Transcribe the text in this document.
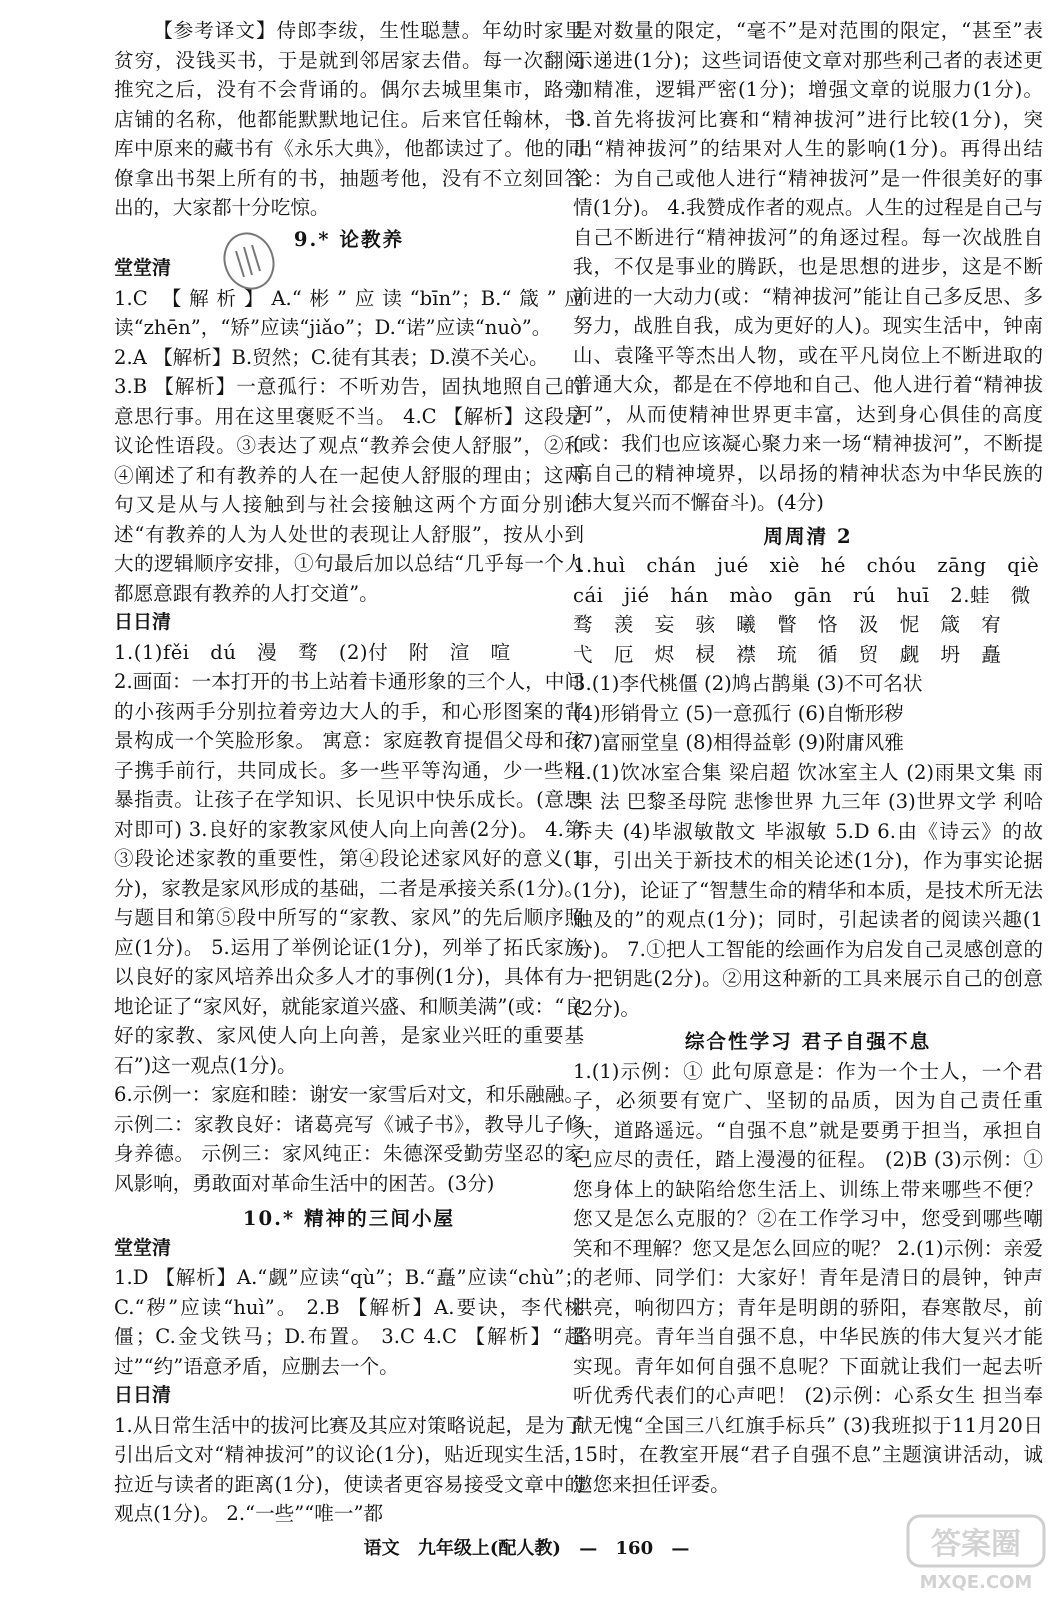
【参考译文】侍郎李绂，生性聪慧。年幼时家里贫穷，没钱买书，于是就到邻居家去借。每一次翻阅推究之后，没有不会背诵的。偶尔去城里集市，路旁店铺的名称，他都能默默地记住。后来官任翰林，书库中原来的藏书有《永乐大典》，他都读过了。他的同僚拿出书架上所有的书，抽题考他，没有不立刻回答出的，大家都十分吃惊。

9.* 论教养

堂堂清

1.C 【解析】A.“彬”应读“bīn”；B.“箴”应读“zhēn”，“矫”应读“jiǎo”；D.“诺”应读“nuò”。

2.A 【解析】B.贸然；C.徒有其表；D.漠不关心。

3.B 【解析】一意孤行：不听劝告，固执地照自己的意思行事。用在这里褒贬不当。 4.C 【解析】这段是议论性语段。③表达了观点“教养会使人舒服”，②和④阐述了和有教养的人在一起使人舒服的理由；这两句又是从与人接触到与社会接触这两个方面分别论述“有教养的人为人处世的表现让人舒服”，按从小到大的逻辑顺序安排，①句最后加以总结“几乎每一个人都愿意跟有教养的人打交道”。

日日清

1.(1)fěi dú 漫 骛 (2)付 附 渲 喧

2.画面：一本打开的书上站着卡通形象的三个人，中间的小孩两手分别拉着旁边大人的手，和心形图案的背景构成一个笑脸形象。 寓意：家庭教育提倡父母和孩子携手前行，共同成长。多一些平等沟通，少一些粗暴指责。让孩子在学知识、长见识中快乐成长。(意思对即可) 3.良好的家教家风使人向上向善(2分)。 4.第③段论述家教的重要性，第④段论述家风好的意义(1分)，家教是家风形成的基础，二者是承接关系(1分)。与题目和第⑤段中所写的“家教、家风”的先后顺序照应(1分)。 5.运用了举例论证(1分)，列举了拓氏家族以良好的家风培养出众多人才的事例(1分)，具体有力地论证了“家风好，就能家道兴盛、和顺美满”(或：“良好的家教、家风使人向上向善，是家业兴旺的重要基石”)这一观点(1分)。

6.示例一：家庭和睦：谢安一家雪后对文，和乐融融。 示例二：家教良好：诸葛亮写《诫子书》，教导儿子修身养德。 示例三：家风纯正：朱德深受勤劳坚忍的家风影响，勇敢面对革命生活中的困苦。(3分)

10.* 精神的三间小屋

堂堂清

1.D 【解析】A.“觑”应读“qù”；B.“矗”应读“chù”；C.“秽”应读“huì”。 2.B 【解析】A.要诀，李代桃僵；C.金戈铁马；D.布置。 3.C 4.C 【解析】“超过”“约”语意矛盾，应删去一个。

日日清

1.从日常生活中的拔河比赛及其应对策略说起，是为了引出后文对“精神拔河”的议论(1分)，贴近现实生活，拉近与读者的距离(1分)，使读者更容易接受文章中的观点(1分)。 2.“一些”“唯一”都

是对数量的限定，“毫不”是对范围的限定，“甚至”表示递进(1分)；这些词语使文章对那些利己者的表述更加精准，逻辑严密(1分)；增强文章的说服力(1分)。 3.首先将拔河比赛和“精神拔河”进行比较(1分)，突出“精神拔河”的结果对人生的影响(1分)。再得出结论：为自己或他人进行“精神拔河”是一件很美好的事情(1分)。 4.我赞成作者的观点。人生的过程是自己与自己不断进行“精神拔河”的角逐过程。每一次战胜自我，不仅是事业的腾跃，也是思想的进步，这是不断前进的一大动力(或：“精神拔河”能让自己多反思、多努力，战胜自我，成为更好的人)。现实生活中，钟南山、袁隆平等杰出人物，或在平凡岗位上不断进取的普通大众，都是在不停地和自己、他人进行着“精神拔河”，从而使精神世界更丰富，达到身心俱佳的高度(或：我们也应该凝心聚力来一场“精神拔河”，不断提高自己的精神境界，以昂扬的精神状态为中华民族的伟大复兴而不懈奋斗)。(4分)

周周清 2

1.huì chán jué xiè hé chóu zāng qiè

cái jié hán mào gān rú huī 2.蛙 微

骛 羡 妄 骇 曦 瞥 恪 汲 怩 箴 宥

弋 厄 烬 棂 襟 琉 循 贸 觑 坍 矗

3.(1)李代桃僵 (2)鸠占鹊巢 (3)不可名状

(4)形销骨立 (5)一意孤行 (6)自惭形秽

(7)富丽堂皇 (8)相得益彰 (9)附庸风雅

4.(1)饮冰室合集 梁启超 饮冰室主人 (2)雨果文集 雨果 法 巴黎圣母院 悲惨世界 九三年 (3)世界文学 利哈乔夫 (4)毕淑敏散文 毕淑敏 5.D 6.由《诗云》的故事，引出关于新技术的相关论述(1分)，作为事实论据(1分)，论证了“智慧生命的精华和本质，是技术所无法触及的”的观点(1分)；同时，引起读者的阅读兴趣(1分)。 7.①把人工智能的绘画作为启发自己灵感创意的一把钥匙(2分)。②用这种新的工具来展示自己的创意(2分)。

综合性学习 君子自强不息

1.(1)示例：① 此句原意是：作为一个士人，一个君子，必须要有宽广、坚韧的品质，因为自己责任重大，道路遥远。“自强不息”就是要勇于担当，承担自己应尽的责任，踏上漫漫的征程。 (2)B (3)示例：①您身体上的缺陷给您生活上、训练上带来哪些不便？您又是怎么克服的？②在工作学习中，您受到哪些嘲笑和不理解？您又是怎么回应的呢？ 2.(1)示例：亲爱的老师、同学们：大家好！青年是清日的晨钟，钟声洪亮，响彻四方；青年是明朗的骄阳，春寒散尽，前路明亮。青年当自强不息，中华民族的伟大复兴才能实现。青年如何自强不息呢？下面就让我们一起去听听优秀代表们的心声吧！ (2)示例：心系女生 担当奉献无愧“全国三八红旗手标兵” (3)我班拟于11月20日15时，在教室开展“君子自强不息”主题演讲活动，诚邀您来担任评委。

语文 九年级上(配人教) — 160 —	答案圈
MXQE.COM
